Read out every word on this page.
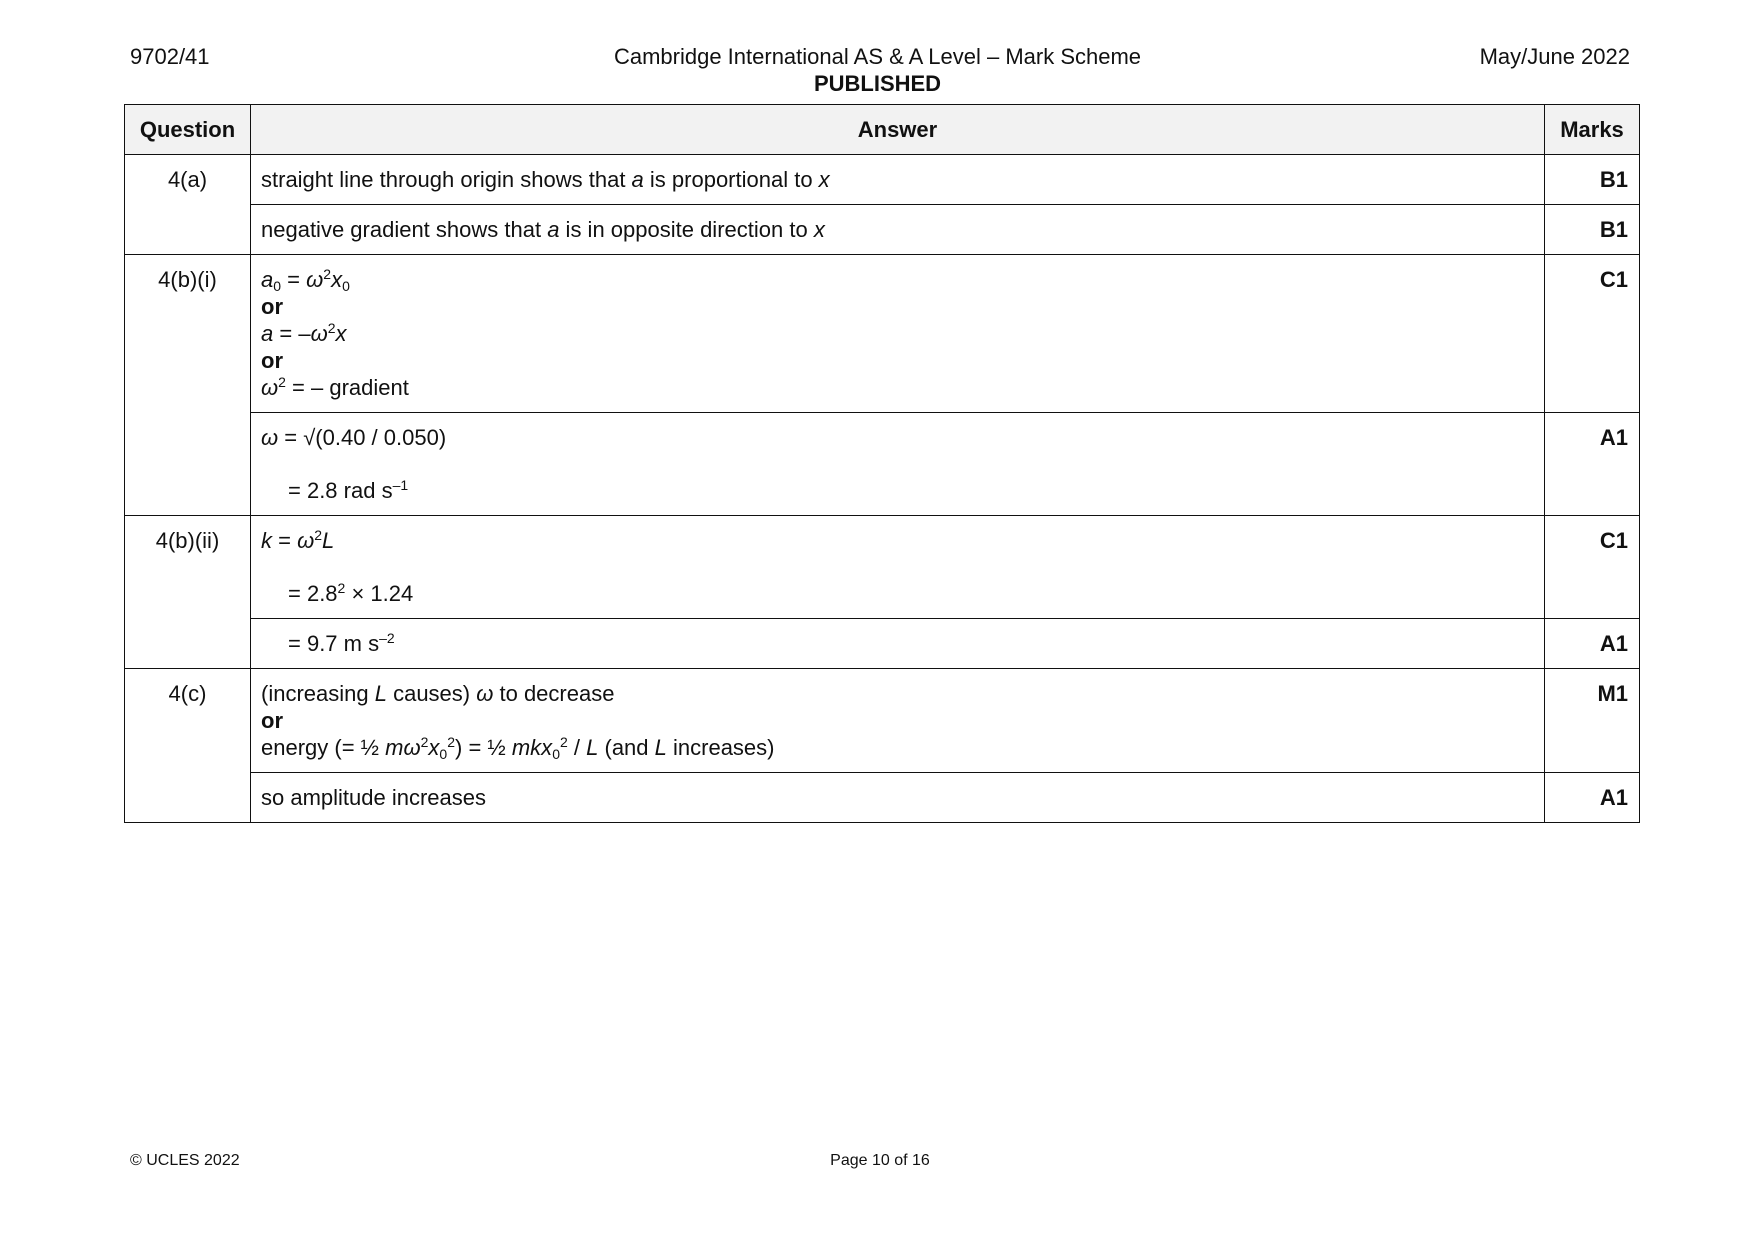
9702/41	Cambridge International AS & A Level – Mark Scheme	May/June 2022
PUBLISHED
Question	Answer	Marks
4(a)	straight line through origin shows that a is proportional to x	B1
	negative gradient shows that a is in opposite direction to x	B1
4(b)(i)	$a_0 = \omega^2x_0$
or
$a = -\omega^2x$
or
$\omega^2$ = – gradient	C1

	ω = √(0.40 / 0.050)
= 2.8 rad $s^{-1}$	A1
4(b)(ii)	$k = \omega^2L$
= $2.8^2 \times 1.24$	C1

	= 9.7 m $s^{-2}$	A1
4(c)	(increasing L causes) ω to decrease
or
energy (= ½ $m\omega^2x_0^2$) = ½ mkx$_0^2$ / L (and L increases)	M1
	so amplitude increases	A1
© UCLES 2022	Page 10 of 16
